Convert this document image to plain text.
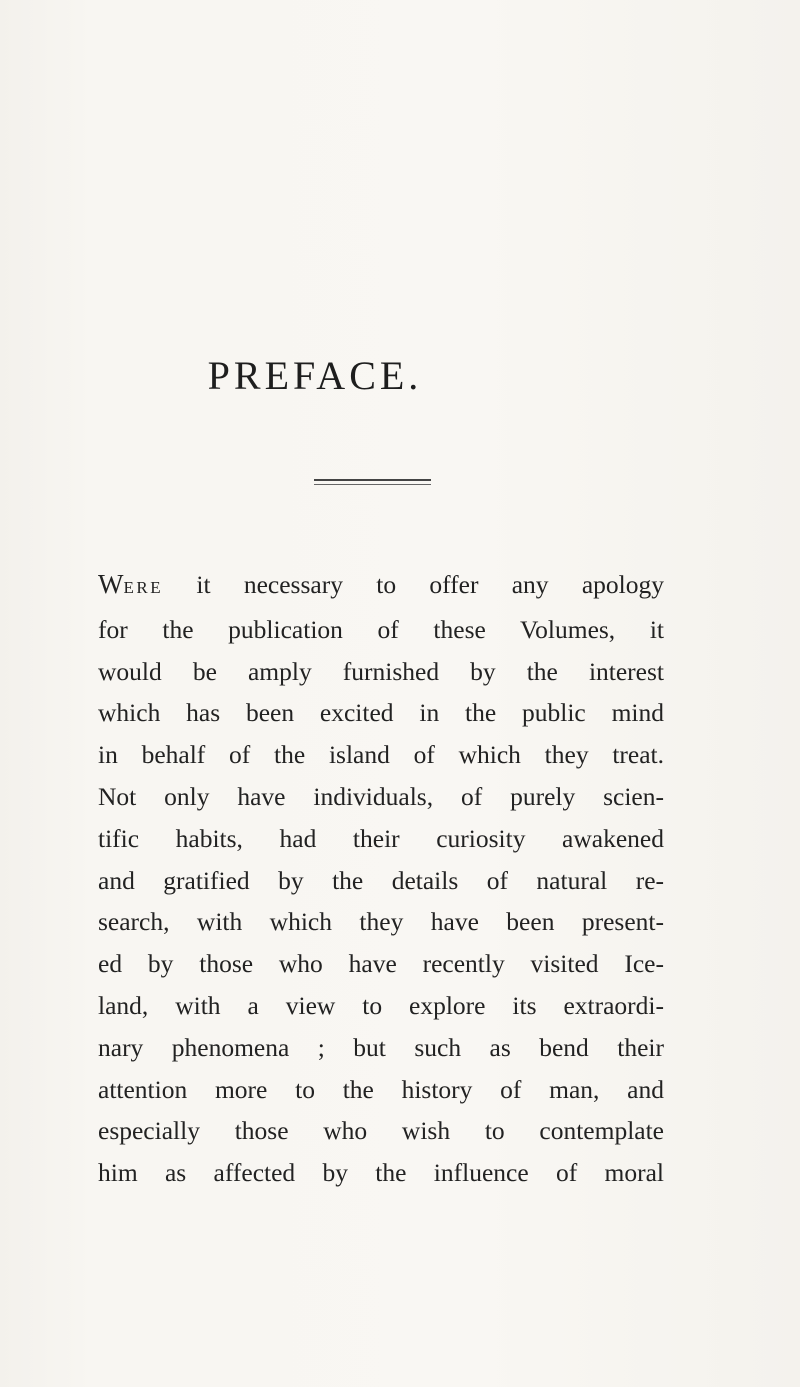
PREFACE.
WERE it necessary to offer any apology
for the publication of these Volumes, it
would be amply furnished by the interest
which has been excited in the public mind
in behalf of the island of which they treat.
Not only have individuals, of purely scien-
tific habits, had their curiosity awakened
and gratified by the details of natural re-
search, with which they have been present-
ed by those who have recently visited Ice-
land, with a view to explore its extraordi-
nary phenomena ; but such as bend their
attention more to the history of man, and
especially those who wish to contemplate
him as affected by the influence of moral
